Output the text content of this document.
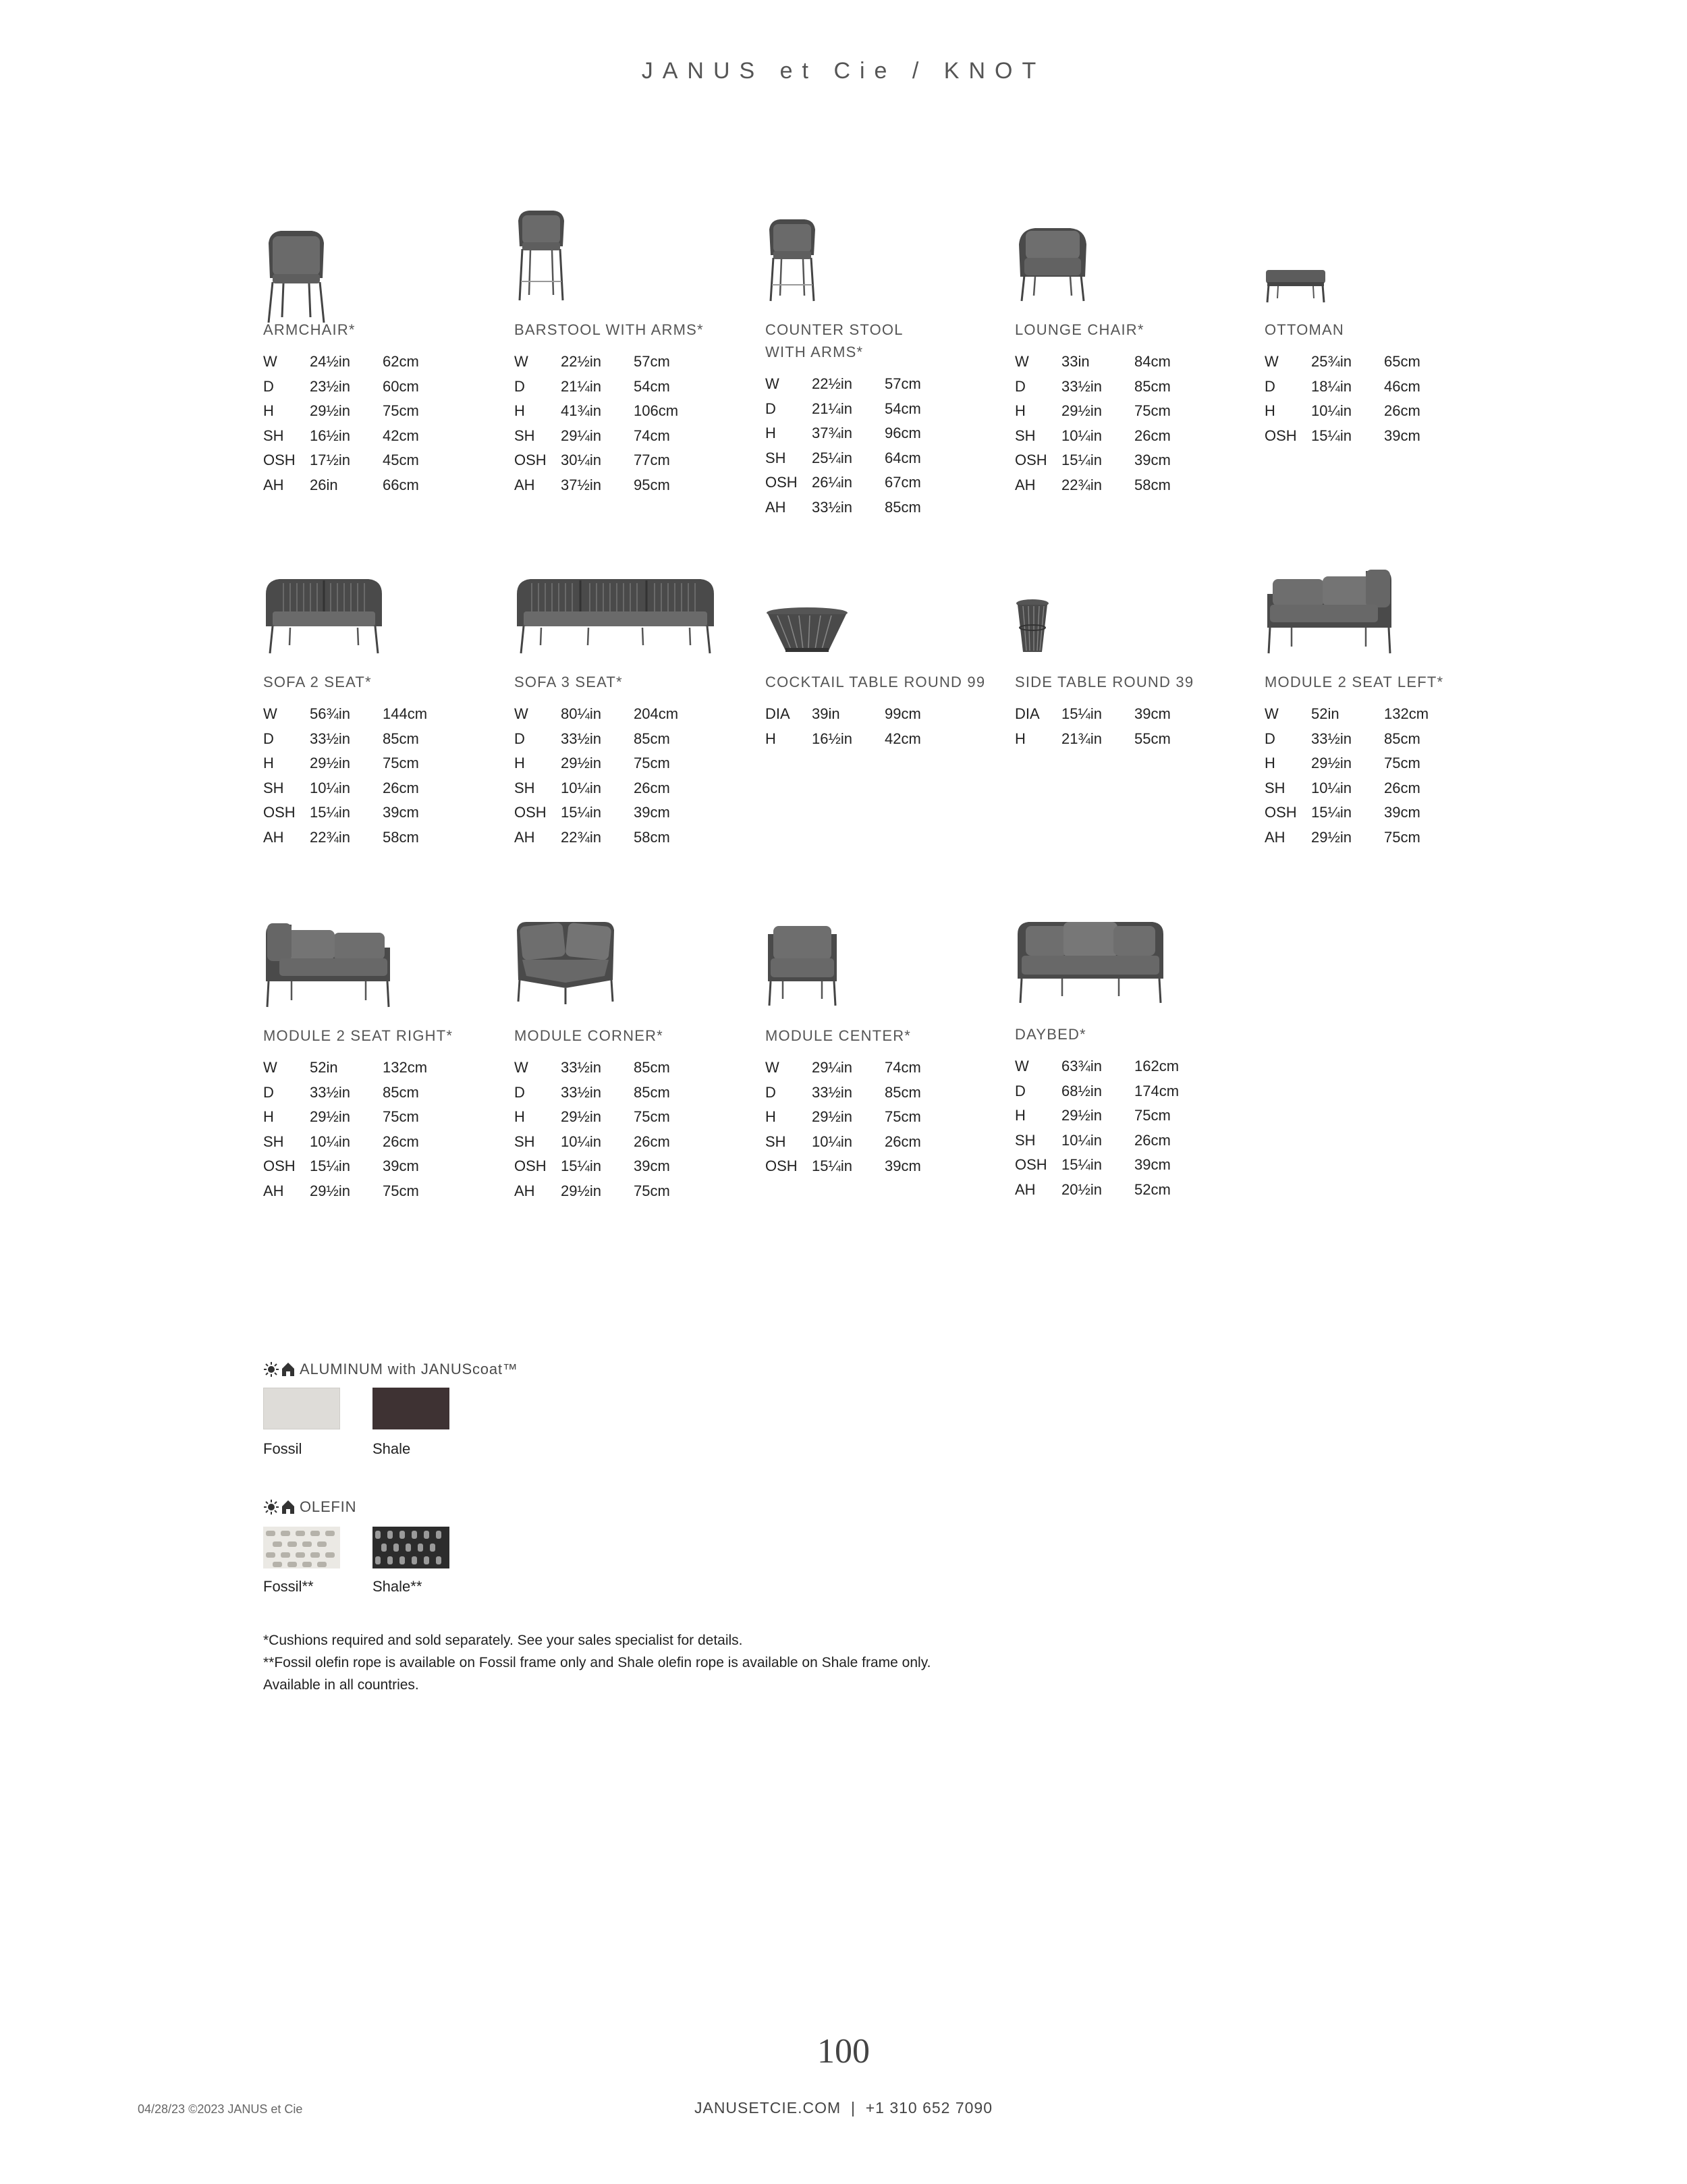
JANUS et Cie / KNOT
ARMCHAIR*
W	24½in	62cm
D	23½in	60cm
H	29½in	75cm
SH	16½in	42cm
OSH	17½in	45cm
AH	26in	66cm
BARSTOOL WITH ARMS*
W	22½in	57cm
D	21¼in	54cm
H	41¾in	106cm
SH	29¼in	74cm
OSH	30¼in	77cm
AH	37½in	95cm
COUNTER STOOL
WITH ARMS*
W	22½in	57cm
D	21¼in	54cm
H	37¾in	96cm
SH	25¼in	64cm
OSH	26¼in	67cm
AH	33½in	85cm
LOUNGE CHAIR*
W	33in	84cm
D	33½in	85cm
H	29½in	75cm
SH	10¼in	26cm
OSH	15¼in	39cm
AH	22¾in	58cm
OTTOMAN
W	25¾in	65cm
D	18¼in	46cm
H	10¼in	26cm
OSH	15¼in	39cm
SOFA 2 SEAT*
W	56¾in	144cm
D	33½in	85cm
H	29½in	75cm
SH	10¼in	26cm
OSH	15¼in	39cm
AH	22¾in	58cm
SOFA 3 SEAT*
W	80¼in	204cm
D	33½in	85cm
H	29½in	75cm
SH	10¼in	26cm
OSH	15¼in	39cm
AH	22¾in	58cm
COCKTAIL TABLE ROUND 99
DIA	39in	99cm
H	16½in	42cm
SIDE TABLE ROUND 39
DIA	15¼in	39cm
H	21¾in	55cm
MODULE 2 SEAT LEFT*
W	52in	132cm
D	33½in	85cm
H	29½in	75cm
SH	10¼in	26cm
OSH	15¼in	39cm
AH	29½in	75cm
MODULE 2 SEAT RIGHT*
W	52in	132cm
D	33½in	85cm
H	29½in	75cm
SH	10¼in	26cm
OSH	15¼in	39cm
AH	29½in	75cm
MODULE CORNER*
W	33½in	85cm
D	33½in	85cm
H	29½in	75cm
SH	10¼in	26cm
OSH	15¼in	39cm
AH	29½in	75cm
MODULE CENTER*
W	29¼in	74cm
D	33½in	85cm
H	29½in	75cm
SH	10¼in	26cm
OSH	15¼in	39cm
DAYBED*
W	63¾in	162cm
D	68½in	174cm
H	29½in	75cm
SH	10¼in	26cm
OSH	15¼in	39cm
AH	20½in	52cm
ALUMINUM with JANUScoat™
Fossil	Shale
OLEFIN
Fossil**	Shale**
*Cushions required and sold separately. See your sales specialist for details.
**Fossil olefin rope is available on Fossil frame only and Shale olefin rope is available on Shale frame only.
Available in all countries.
100
04/28/23 ©2023 JANUS et Cie	JANUSETCIE.COM  |  +1 310 652 7090
